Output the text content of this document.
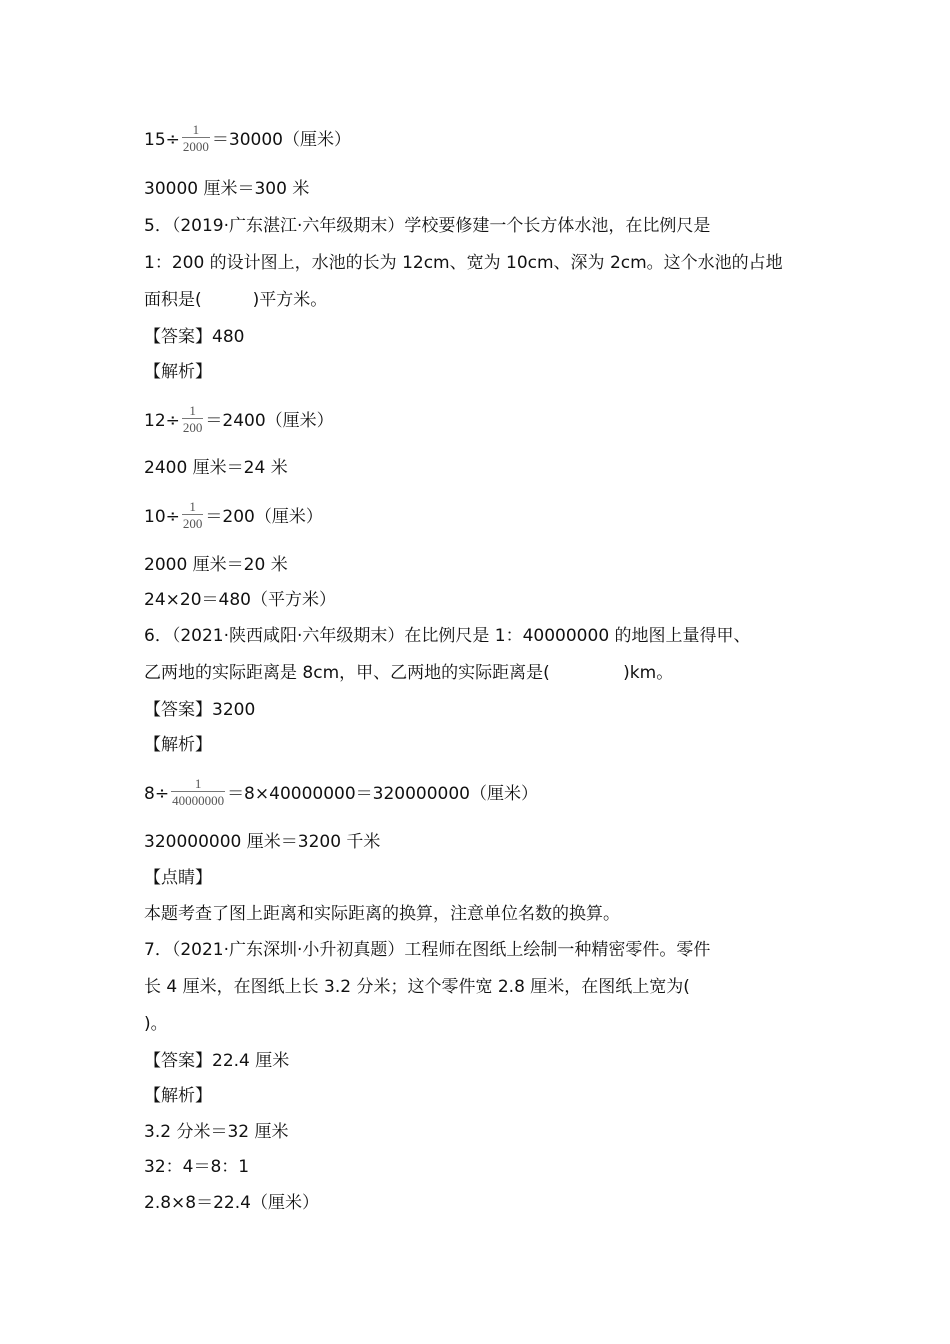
$15\div \frac{1}{2000} =30000$（厘米）
30000 厘米＝300 米
5．（2019·广东湛江·六年级期末）学校要修建一个长方体水池，在比例尺是
1：200 的设计图上，水池的长为 12cm、宽为 10cm、深为 2cm。这个水池的占地
面积是(　　　)平方米。
【答案】480
【解析】
$12\div \frac{1}{200} =2400$（厘米）
2400 厘米＝24 米
$10\div \frac{1}{200} =200$（厘米）
2000 厘米＝20 米
24×20＝480（平方米）
6．（2021·陕西咸阳·六年级期末）在比例尺是 1：40000000 的地图上量得甲、
乙两地的实际距离是 8cm，甲、乙两地的实际距离是(　　　　 )km。
【答案】3200
【解析】
$8\div \frac{1}{40000000} =8\times 40000000=320000000$（厘米）
320000000 厘米＝3200 千米
【点睛】
本题考查了图上距离和实际距离的换算，注意单位名数的换算。
7．（2021·广东深圳·小升初真题）工程师在图纸上绘制一种精密零件。零件
长 4 厘米，在图纸上长 3.2 分米；这个零件宽 2.8 厘米，在图纸上宽为(
)。
【答案】22.4 厘米
【解析】
3.2 分米＝32 厘米
32：4＝8：1
2.8×8＝22.4（厘米）
